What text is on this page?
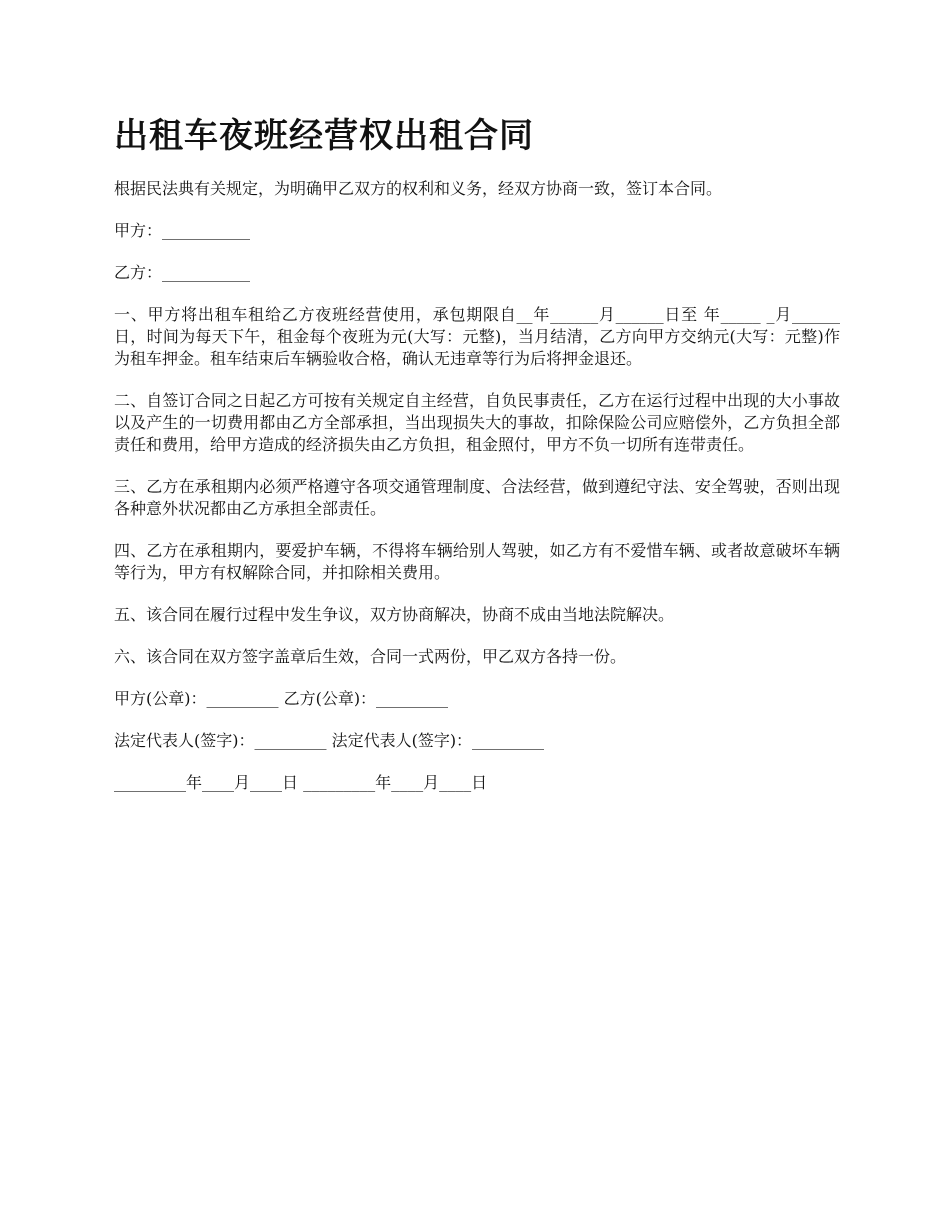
出租车夜班经营权出租合同

根据民法典有关规定，为明确甲乙双方的权利和义务，经双方协商一致，签订本合同。

甲方：___________

乙方：___________

一、甲方将出租车租给乙方夜班经营使用，承包期限自__年______月______日至 年_____ _月______日，时间为每天下午，租金每个夜班为元(大写：元整)，当月结清，乙方向甲方交纳元(大写：元整)作为租车押金。租车结束后车辆验收合格，确认无违章等行为后将押金退还。

二、自签订合同之日起乙方可按有关规定自主经营，自负民事责任，乙方在运行过程中出现的大小事故以及产生的一切费用都由乙方全部承担，当出现损失大的事故，扣除保险公司应赔偿外，乙方负担全部责任和费用，给甲方造成的经济损失由乙方负担，租金照付，甲方不负一切所有连带责任。

三、乙方在承租期内必须严格遵守各项交通管理制度、合法经营，做到遵纪守法、安全驾驶，否则出现各种意外状况都由乙方承担全部责任。

四、乙方在承租期内，要爱护车辆，不得将车辆给别人驾驶，如乙方有不爱惜车辆、或者故意破坏车辆等行为，甲方有权解除合同，并扣除相关费用。

五、该合同在履行过程中发生争议，双方协商解决，协商不成由当地法院解决。

六、该合同在双方签字盖章后生效，合同一式两份，甲乙双方各持一份。

甲方(公章)：_________ 乙方(公章)：_________

法定代表人(签字)：_________ 法定代表人(签字)：_________

_________年____月____日 _________年____月____日
